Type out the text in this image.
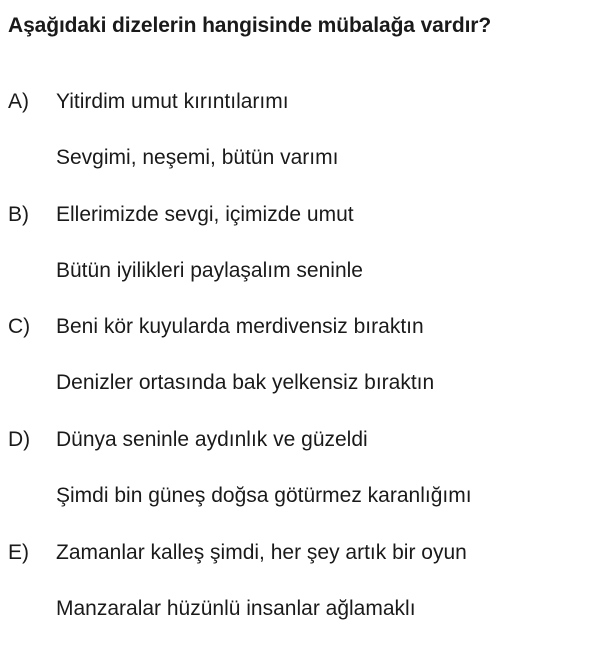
Aşağıdaki dizelerin hangisinde mübalağa vardır?
A) Yitirdim umut kırıntılarımı
Sevgimi, neşemi, bütün varımı
B) Ellerimizde sevgi, içimizde umut
Bütün iyilikleri paylaşalım seninle
C) Beni kör kuyularda merdivensiz bıraktın
Denizler ortasında bak yelkensiz bıraktın
D) Dünya seninle aydınlık ve güzeldi
Şimdi bin güneş doğsa götürmez karanlığımı
E) Zamanlar kalleş şimdi, her şey artık bir oyun
Manzaralar hüzünlü insanlar ağlamaklı
